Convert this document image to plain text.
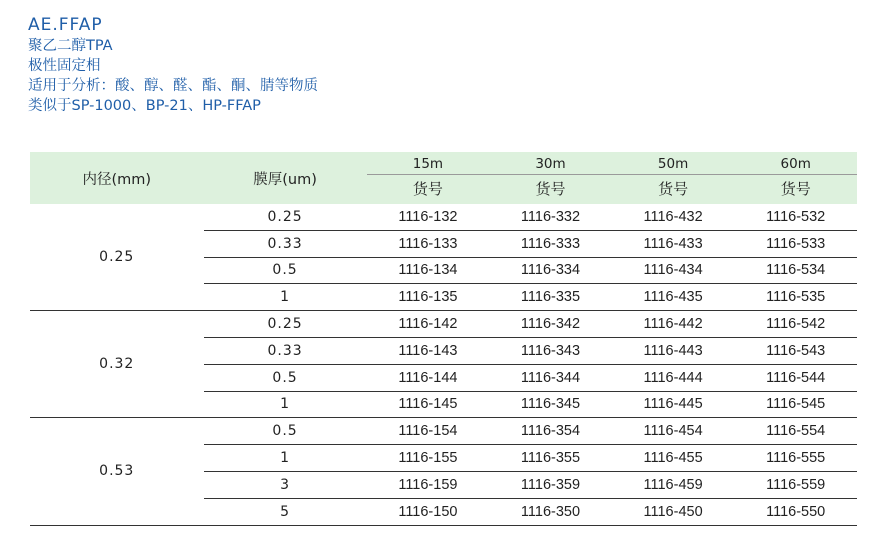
AE.FFAP
聚乙二醇TPA
极性固定相
适用于分析：酸、醇、醛、酯、酮、腈等物质
类似于SP-1000、BP-21、HP-FFAP
内径(mm)	膜厚(um)	15m	30m	50m	60m

		货号	货号	货号	货号
0.25	0.25	1116-132	1116-332	1116-432	1116-532
	0.33	1116-133	1116-333	1116-433	1116-533
	0.5	1116-134	1116-334	1116-434	1116-534
	1	1116-135	1116-335	1116-435	1116-535
0.32	0.25	1116-142	1116-342	1116-442	1116-542
	0.33	1116-143	1116-343	1116-443	1116-543
	0.5	1116-144	1116-344	1116-444	1116-544
	1	1116-145	1116-345	1116-445	1116-545
0.53	0.5	1116-154	1116-354	1116-454	1116-554
	1	1116-155	1116-355	1116-455	1116-555
	3	1116-159	1116-359	1116-459	1116-559
	5	1116-150	1116-350	1116-450	1116-550
